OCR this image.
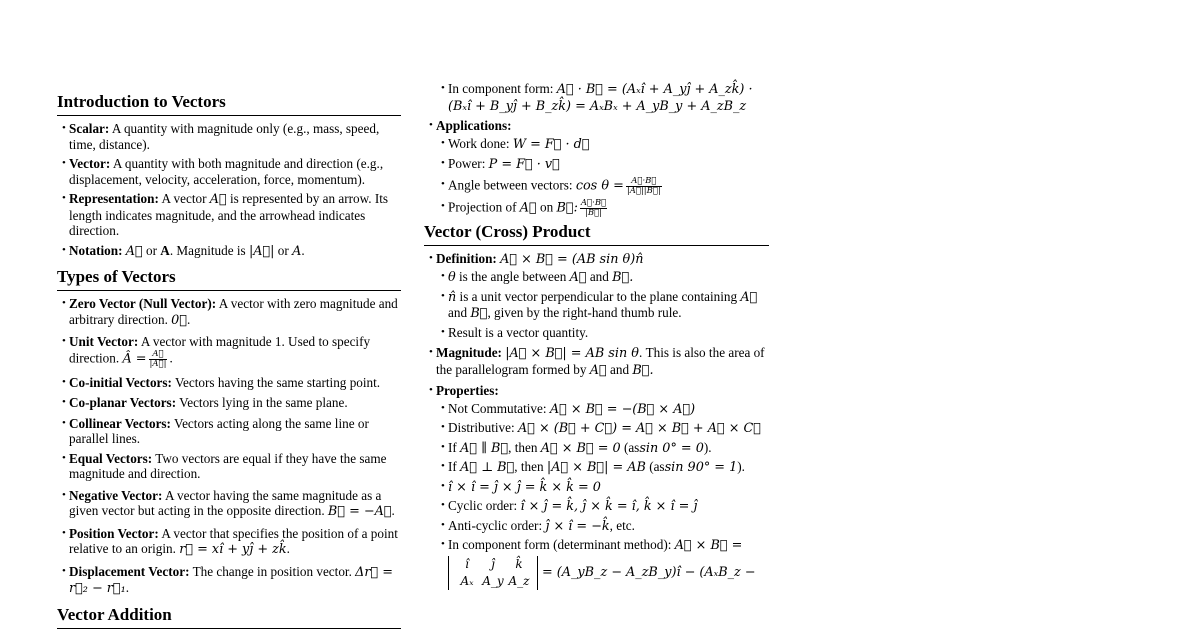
Introduction to Vectors
• Scalar: A quantity with magnitude only (e.g., mass, speed, time, distance).
• Vector: A quantity with both magnitude and direction (e.g., displacement, velocity, acceleration, force, momentum).
• Representation: A vector A⃗ is represented by an arrow. Its length indicates magnitude, and the arrowhead indicates direction.
• Notation: A⃗ or A. Magnitude is |A⃗| or A.
Types of Vectors
• Zero Vector (Null Vector): A vector with zero magnitude and arbitrary direction. 0⃗.
• Unit Vector: A vector with magnitude 1. Used to specify direction. Â = $\frac{A⃗}{|A⃗|}$ .
• Co-initial Vectors: Vectors having the same starting point.
• Co-planar Vectors: Vectors lying in the same plane.
• Collinear Vectors: Vectors acting along the same line or parallel lines.
• Equal Vectors: Two vectors are equal if they have the same magnitude and direction.
• Negative Vector: A vector having the same magnitude as a given vector but acting in the opposite direction. B⃗ = −A⃗.
• Position Vector: A vector that specifies the position of a point relative to an origin. r⃗ = xî + yĵ + zk̂.
• Displacement Vector: The change in position vector. Δr⃗ = r⃗₂ − r⃗₁.
Vector Addition
• In component form: A⃗ · B⃗ = (Aₓî + A_yĵ + A_zk̂) · (Bₓî + B_yĵ + B_zk̂) = AₓBₓ + A_yB_y + A_zB_z
• Applications:
• Work done: W = F⃗ · d⃗
• Power: P = F⃗ · v⃗
• Angle between vectors: $\cos \theta = \frac{A⃗\cdot B⃗}{|A⃗||B⃗|}$
• Projection of A⃗ on B⃗: $\frac{A⃗\cdot B⃗}{|B⃗|}$
Vector (Cross) Product
• Definition: A⃗ × B⃗ = (AB sin θ)n̂
• θ is the angle between A⃗ and B⃗.
• n̂ is a unit vector perpendicular to the plane containing A⃗ and B⃗, given by the right-hand thumb rule.
• Result is a vector quantity.
• Magnitude: |A⃗ × B⃗| = AB sin θ. This is also the area of the parallelogram formed by A⃗ and B⃗.
• Properties:
• Not Commutative: A⃗ × B⃗ = −(B⃗ × A⃗)
• Distributive: A⃗ × (B⃗ + C⃗) = A⃗ × B⃗ + A⃗ × C⃗
• If A⃗ ∥ B⃗, then A⃗ × B⃗ = 0 (assin 0° = 0).
• If A⃗ ⊥ B⃗, then |A⃗ × B⃗| = AB (assin 90° = 1).
• î × î = ĵ × ĵ = k̂ × k̂ = 0
• Cyclic order: î × ĵ = k̂, ĵ × k̂ = î, k̂ × î = ĵ
• Anti-cyclic order: ĵ × î = −k̂, etc.
• In component form (determinant method): A⃗ × B⃗ =

î	ĵ	k̂
Aₓ A_y A_z
= (A_yB_z − A_zB_y)î − (AₓB_z −
